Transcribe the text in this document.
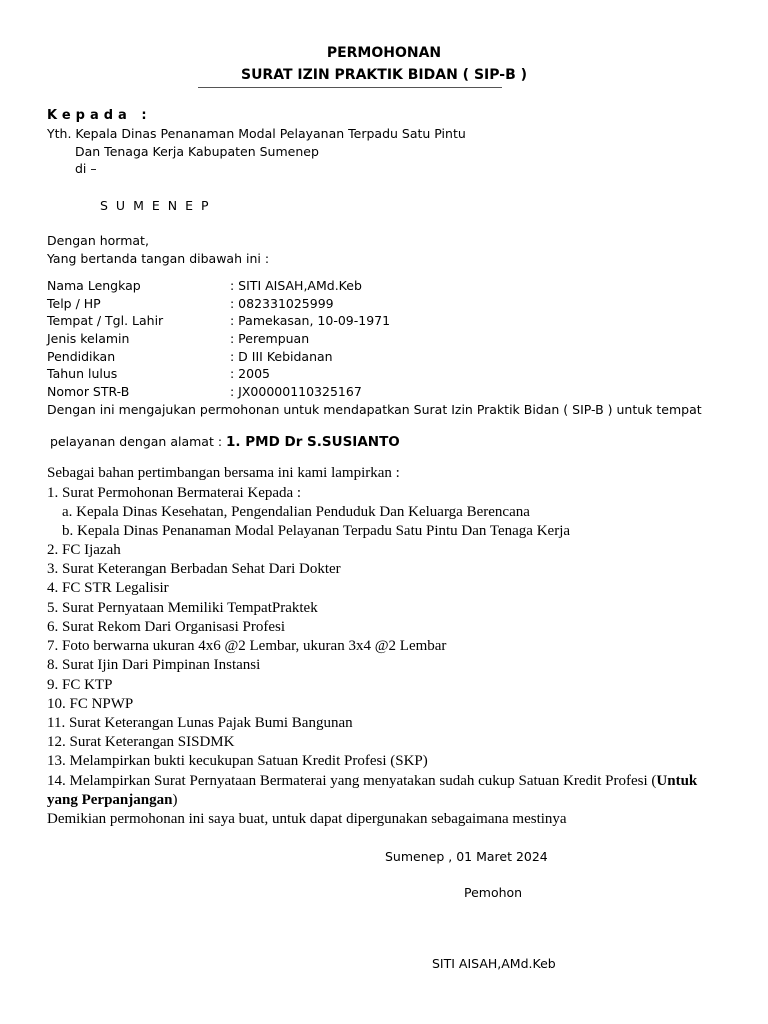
PERMOHONAN
SURAT IZIN PRAKTIK BIDAN ( SIP-B )
Kepada :
Yth. Kepala Dinas Penanaman Modal Pelayanan Terpadu Satu Pintu
Dan Tenaga Kerja Kabupaten Sumenep
di –
SUMENEP
Dengan hormat,
Yang bertanda tangan dibawah ini :
Nama Lengkap	: SITI AISAH,AMd.Keb
Telp / HP	: 082331025999
Tempat / Tgl. Lahir	: Pamekasan, 10-09-1971
Jenis kelamin	: Perempuan
Pendidikan	: D III Kebidanan
Tahun lulus	: 2005
Nomor STR-B	: JX00000110325167
Dengan ini mengajukan permohonan untuk mendapatkan Surat Izin Praktik Bidan ( SIP-B ) untuk tempat
pelayanan dengan alamat : 1. PMD Dr S.SUSIANTO
Sebagai bahan pertimbangan bersama ini kami lampirkan :
1. Surat Permohonan Bermaterai Kepada :
a. Kepala Dinas Kesehatan, Pengendalian Penduduk Dan Keluarga Berencana
b. Kepala Dinas Penanaman Modal Pelayanan Terpadu Satu Pintu Dan Tenaga Kerja
2. FC Ijazah
3. Surat Keterangan Berbadan Sehat Dari Dokter
4. FC STR Legalisir
5. Surat Pernyataan Memiliki TempatPraktek
6. Surat Rekom Dari Organisasi Profesi
7. Foto berwarna ukuran 4x6 @2 Lembar, ukuran 3x4 @2 Lembar
8. Surat Ijin Dari Pimpinan Instansi
9. FC KTP
10. FC NPWP
11. Surat Keterangan Lunas Pajak Bumi Bangunan
12. Surat Keterangan SISDMK
13. Melampirkan bukti kecukupan Satuan Kredit Profesi (SKP)
14. Melampirkan Surat Pernyataan Bermaterai yang menyatakan sudah cukup Satuan Kredit Profesi (Untuk
yang Perpanjangan)
Demikian permohonan ini saya buat, untuk dapat dipergunakan sebagaimana mestinya
Sumenep , 01 Maret 2024
Pemohon
SITI AISAH,AMd.Keb
